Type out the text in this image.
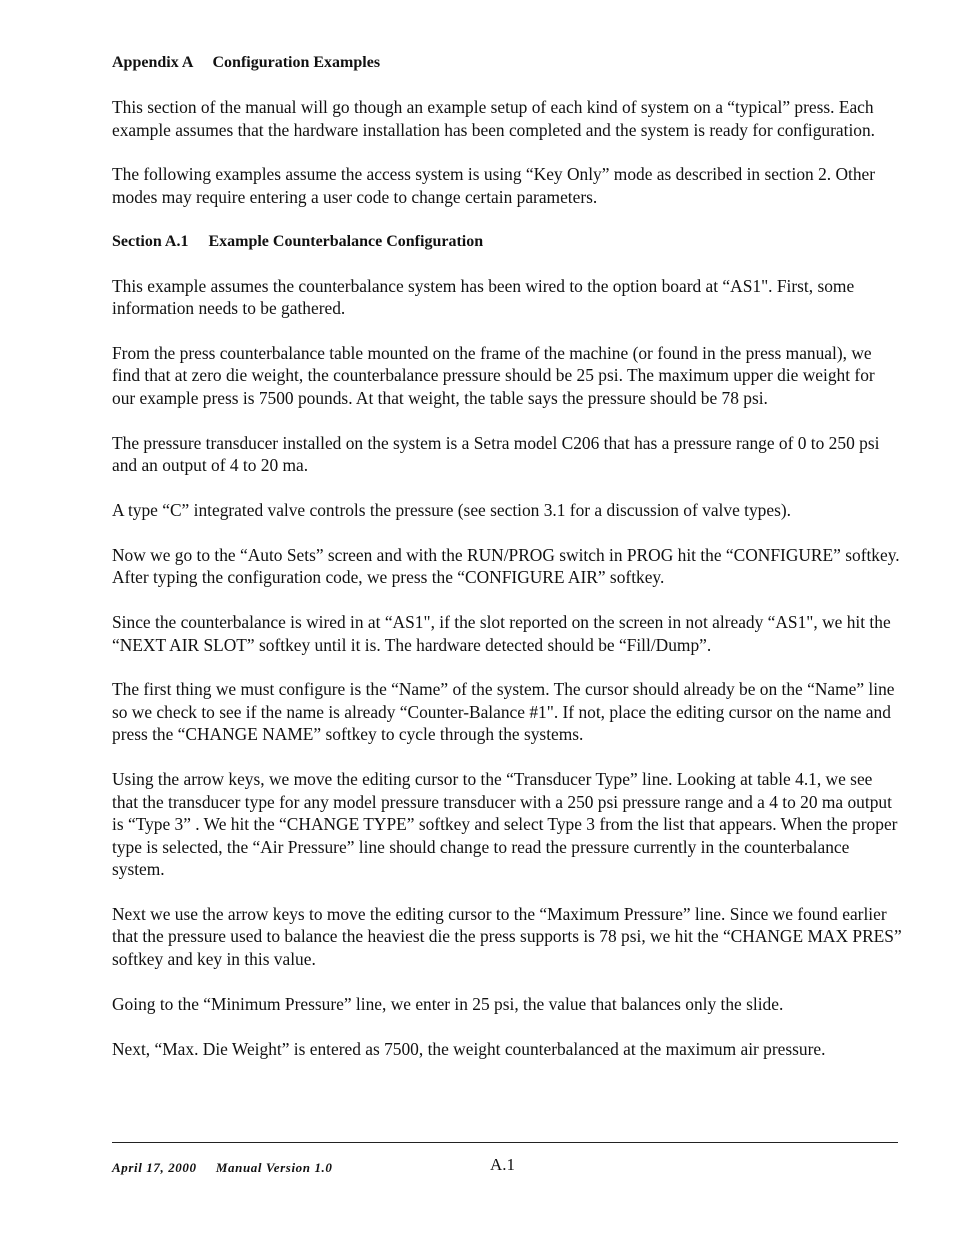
Appendix A     Configuration Examples

This section of the manual will go though an example setup of each kind of system on a “typical” press. Each example assumes that the hardware installation has been completed and the system is ready for configuration.

The following examples assume the access system is using “Key Only” mode as described in section 2. Other modes may require entering a user code to change certain parameters.

Section A.1     Example Counterbalance Configuration

This example assumes the counterbalance system has been wired to the option board at “AS1". First, some information needs to be gathered.

From the press counterbalance table mounted on the frame of the machine (or found in the press manual), we find that at zero die weight, the counterbalance pressure should be 25 psi. The maximum upper die weight for our example press is 7500 pounds. At that weight, the table says the pressure should be 78 psi.

The pressure transducer installed on the system is a Setra model C206 that has a pressure range of 0 to 250 psi and an output of 4 to 20 ma.

A type “C” integrated valve controls the pressure (see section 3.1 for a discussion of valve types).

Now we go to the “Auto Sets” screen and with the RUN/PROG switch in PROG hit the “CONFIGURE” softkey. After typing the configuration code, we press the “CONFIGURE AIR” softkey.

Since the counterbalance is wired in at “AS1", if the slot reported on the screen in not already “AS1", we hit the “NEXT AIR SLOT” softkey until it is. The hardware detected should be “Fill/Dump”.

The first thing we must configure is the “Name” of the system. The cursor should already be on the “Name” line so we check to see if the name is already “Counter-Balance #1". If not, place the editing cursor on the name and press the “CHANGE NAME” softkey to cycle through the systems.

Using the arrow keys, we move the editing cursor to the “Transducer Type” line. Looking at table 4.1, we see that the transducer type for any model pressure transducer with a 250 psi pressure range and a 4 to 20 ma output is “Type 3” . We hit the “CHANGE TYPE” softkey and select Type 3 from the list that appears. When the proper type is selected, the “Air Pressure” line should change to read the pressure currently in the counterbalance system.

Next we use the arrow keys to move the editing cursor to the “Maximum Pressure” line. Since we found earlier that the pressure used to balance the heaviest die the press supports is 78 psi, we hit the “CHANGE MAX PRES” softkey and key in this value.

Going to the “Minimum Pressure” line, we enter in 25 psi, the value that balances only the slide.

Next, “Max. Die Weight” is entered as 7500, the weight counterbalanced at the maximum air pressure.

April 17, 2000     Manual Version 1.0	A.1
